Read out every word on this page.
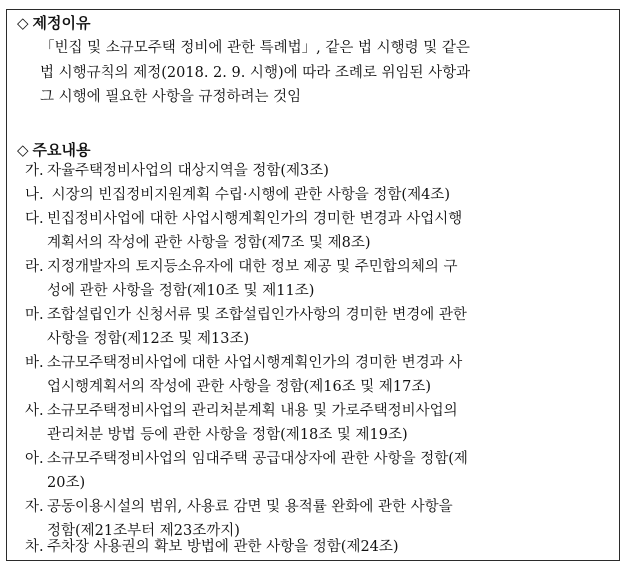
◇ 제정이유
「빈집 및 소규모주택 정비에 관한 특례법」, 같은 법 시행령 및 같은
법 시행규칙의 제정(2018. 2. 9. 시행)에 따라 조례로 위임된 사항과
그 시행에 필요한 사항을 규정하려는 것임
◇ 주요내용
가. 자율주택정비사업의 대상지역을 정함(제3조)
나. 시장의 빈집정비지원계획 수립·시행에 관한 사항을 정함(제4조)
다. 빈집정비사업에 대한 사업시행계획인가의 경미한 변경과 사업시행
계획서의 작성에 관한 사항을 정함(제7조 및 제8조)
라. 지정개발자의 토지등소유자에 대한 정보 제공 및 주민합의체의 구
성에 관한 사항을 정함(제10조 및 제11조)
마. 조합설립인가 신청서류 및 조합설립인가사항의 경미한 변경에 관한
사항을 정함(제12조 및 제13조)
바. 소규모주택정비사업에 대한 사업시행계획인가의 경미한 변경과 사
업시행계획서의 작성에 관한 사항을 정함(제16조 및 제17조)
사. 소규모주택정비사업의 관리처분계획 내용 및 가로주택정비사업의
관리처분 방법 등에 관한 사항을 정함(제18조 및 제19조)
아. 소규모주택정비사업의 임대주택 공급대상자에 관한 사항을 정함(제
20조)
자. 공동이용시설의 범위, 사용료 감면 및 용적률 완화에 관한 사항을
정함(제21조부터 제23조까지)
차. 주차장 사용권의 확보 방법에 관한 사항을 정함(제24조)
